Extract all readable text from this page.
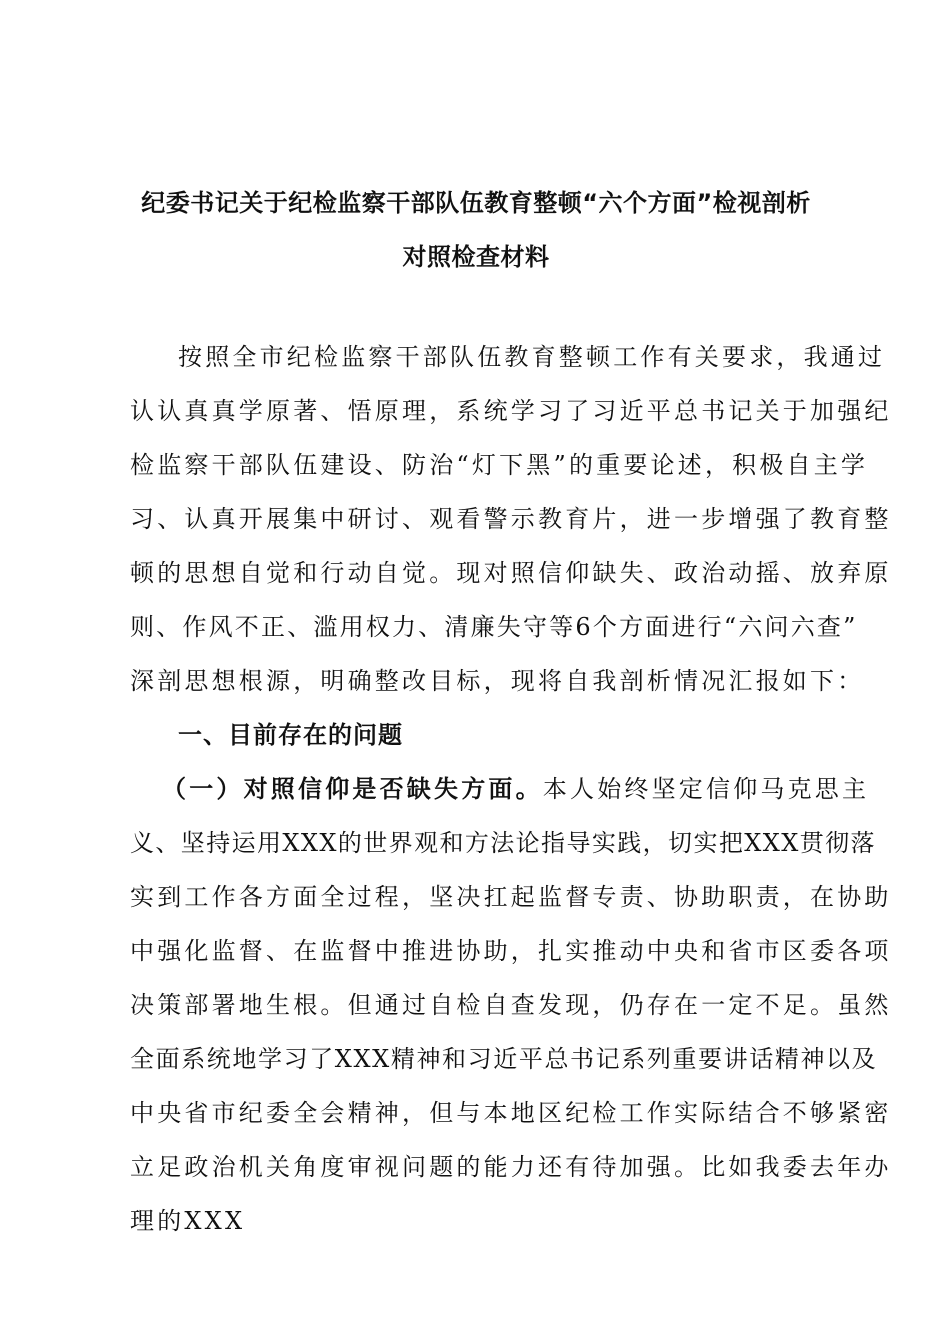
纪委书记关于纪检监察干部队伍教育整顿“六个方面”检视剖析
对照检查材料
按照全市纪检监察干部队伍教育整顿工作有关要求，我通过
认认真真学原著、悟原理，系统学习了习近平总书记关于加强纪
检监察干部队伍建设、防治“灯下黑”的重要论述，积极自主学
习、认真开展集中研讨、观看警示教育片，进一步增强了教育整
顿的思想自觉和行动自觉。现对照信仰缺失、政治动摇、放弃原
则、作风不正、滥用权力、清廉失守等6个方面进行“六问六查”
深剖思想根源，明确整改目标，现将自我剖析情况汇报如下：
一、目前存在的问题
（一）对照信仰是否缺失方面。本人始终坚定信仰马克思主
义、坚持运用XXX的世界观和方法论指导实践，切实把XXX贯彻落
实到工作各方面全过程，坚决扛起监督专责、协助职责，在协助
中强化监督、在监督中推进协助，扎实推动中央和省市区委各项
决策部署地生根。但通过自检自查发现，仍存在一定不足。虽然
全面系统地学习了XXX精神和习近平总书记系列重要讲话精神以及
中央省市纪委全会精神，但与本地区纪检工作实际结合不够紧密
立足政治机关角度审视问题的能力还有待加强。比如我委去年办
理的XXX
